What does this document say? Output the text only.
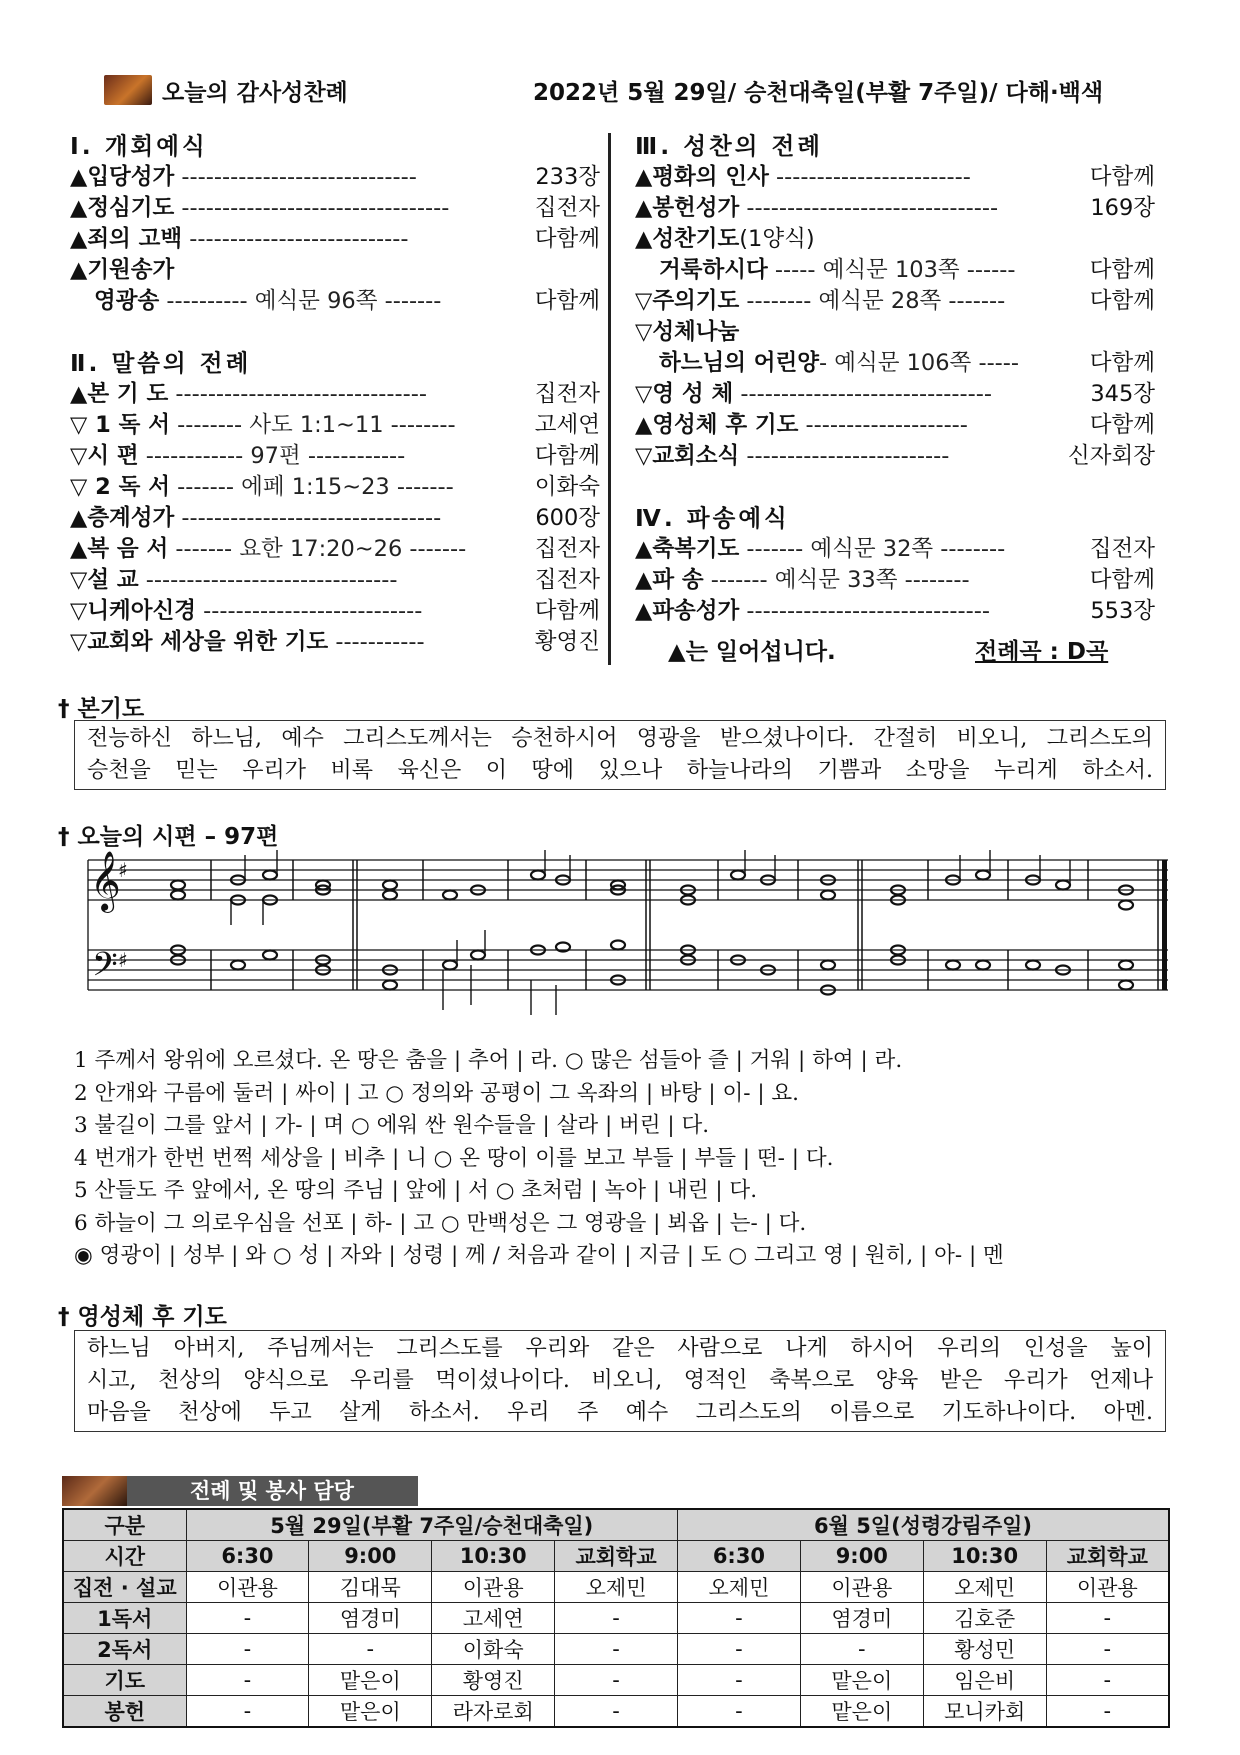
오늘의 감사성찬례	2022년 5월 29일/ 승천대축일(부활 7주일)/ 다해·백색
Ⅰ. 개회예식
▲입당성가 -----------------------------	233장
▲정심기도 ---------------------------------	집전자
▲죄의 고백 ---------------------------	다함께
▲기원송가
영광송 ---------- 예식문 96쪽 -------	다함께
Ⅱ. 말씀의 전례
▲본 기 도 -------------------------------	집전자
▽ 1 독 서 -------- 사도 1:1~11 --------	고세연
▽시 편 ------------ 97편 ------------	다함께
▽ 2 독 서 ------- 에페 1:15~23 -------	이화숙
▲층계성가 --------------------------------	600장
▲복 음 서 ------- 요한 17:20~26 -------	집전자
▽설 교 -------------------------------	집전자
▽니케아신경 ---------------------------	다함께
▽교회와 세상을 위한 기도 -----------	황영진
Ⅲ. 성찬의 전례
▲평화의 인사 ------------------------	다함께
▲봉헌성가 -------------------------------	169장
▲성찬기도(1양식)
거룩하시다 ----- 예식문 103쪽 ------	다함께
▽주의기도 -------- 예식문 28쪽 -------	다함께
▽성체나눔
하느님의 어린양- 예식문 106쪽 -----	다함께
▽영 성 체 -------------------------------	345장
▲영성체 후 기도 --------------------	다함께
▽교회소식 -------------------------	신자회장
Ⅳ. 파송예식
▲축복기도 ------- 예식문 32쪽 --------	집전자
▲파 송 ------- 예식문 33쪽 --------	다함께
▲파송성가 ------------------------------	553장
▲는 일어섭니다.	전례곡 : D곡
† 본기도

전능하신 하느님, 예수 그리스도께서는 승천하시어 영광을 받으셨나이다. 간절히 비오니, 그리스도의

승천을 믿는 우리가 비록 육신은 이 땅에 있으나 하늘나라의 기쁨과 소망을 누리게 하소서.

† 오늘의 시편 – 97편
𝄞
♯
𝄢 ♯
1 주께서 왕위에 오르셨다. 온 땅은 춤을 | 추어 | 라. ○ 많은 섬들아 즐 | 거워 | 하여 | 라.
2 안개와 구름에 둘러 | 싸이 | 고 ○ 정의와 공평이 그 옥좌의 | 바탕 | 이- | 요.
3 불길이 그를 앞서 | 가- | 며 ○ 에워 싼 원수들을 | 살라 | 버린 | 다.
4 번개가 한번 번쩍 세상을 | 비추 | 니 ○ 온 땅이 이를 보고 부들 | 부들 | 떤- | 다.
5 산들도 주 앞에서, 온 땅의 주님 | 앞에 | 서 ○ 초처럼 | 녹아 | 내린 | 다.
6 하늘이 그 의로우심을 선포 | 하- | 고 ○ 만백성은 그 영광을 | 뵈옵 | 는- | 다.
◉ 영광이 | 성부 | 와 ○ 성 | 자와 | 성령 | 께 / 처음과 같이 | 지금 | 도 ○ 그리고 영 | 원히, | 아- | 멘
† 영성체 후 기도

하느님 아버지, 주님께서는 그리스도를 우리와 같은 사람으로 나게 하시어 우리의 인성을 높이

시고, 천상의 양식으로 우리를 먹이셨나이다. 비오니, 영적인 축복으로 양육 받은 우리가 언제나

마음을 천상에 두고 살게 하소서. 우리 주 예수 그리스도의 이름으로 기도하나이다. 아멘.

전례 및 봉사 담당
구분	5월 29일(부활 7주일/승천대축일)				6월 5일(성령강림주일)			
시간	6:30	9:00	10:30	교회학교	6:30	9:00	10:30	교회학교
집전 · 설교	이관용	김대묵	이관용	오제민	오제민	이관용	오제민	이관용
1독서	-	염경미	고세연	-	-	염경미	김호준	-
2독서	-	-	이화숙	-	-	-	황성민	-
기도	-	맡은이	황영진	-	-	맡은이	임은비	-
봉헌	-	맡은이	라자로회	-	-	맡은이	모니카회	-
